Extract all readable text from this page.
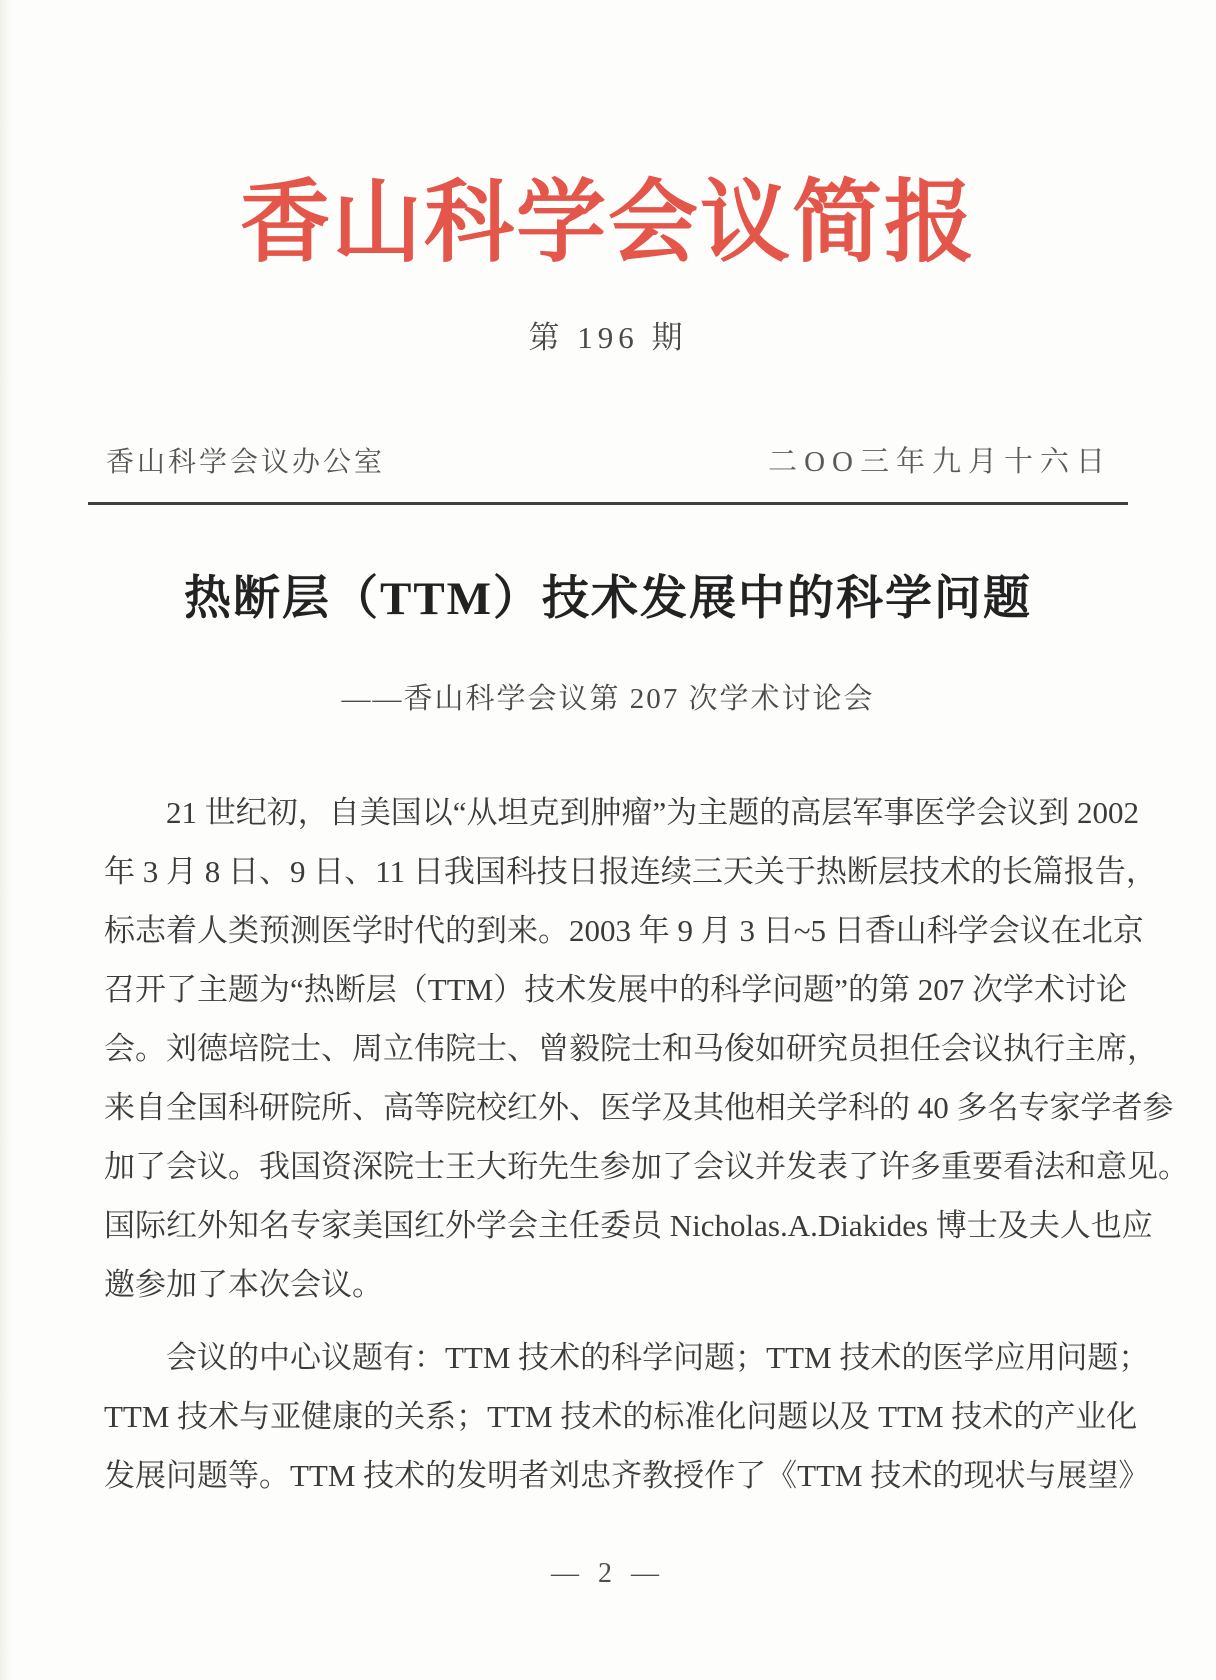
香山科学会议简报
第 196 期
香山科学会议办公室	二OO三年九月十六日
热断层（TTM）技术发展中的科学问题
——香山科学会议第 207 次学术讨论会
21 世纪初，自美国以“从坦克到肿瘤”为主题的高层军事医学会议到 2002
年 3 月 8 日、9 日、11 日我国科技日报连续三天关于热断层技术的长篇报告，
标志着人类预测医学时代的到来。2003 年 9 月 3 日~5 日香山科学会议在北京
召开了主题为“热断层（TTM）技术发展中的科学问题”的第 207 次学术讨论
会。刘德培院士、周立伟院士、曾毅院士和马俊如研究员担任会议执行主席，
来自全国科研院所、高等院校红外、医学及其他相关学科的 40 多名专家学者参
加了会议。我国资深院士王大珩先生参加了会议并发表了许多重要看法和意见。
国际红外知名专家美国红外学会主任委员 Nicholas.A.Diakides 博士及夫人也应
邀参加了本次会议。
会议的中心议题有：TTM 技术的科学问题；TTM 技术的医学应用问题；
TTM 技术与亚健康的关系；TTM 技术的标准化问题以及 TTM 技术的产业化
发展问题等。TTM 技术的发明者刘忠齐教授作了《TTM 技术的现状与展望》
— 2 —
